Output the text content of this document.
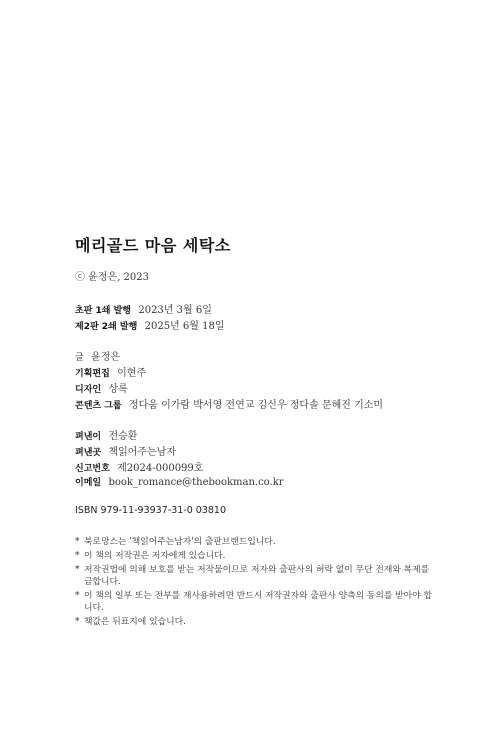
메리골드 마음 세탁소
ⓒ 윤정은, 2023
초판 1쇄 발행 2023년 3월 6일
제2판 2쇄 발행 2025년 6월 18일
글 윤정은
기획편집 이현주
디자인 상록
콘텐츠 그룹 정다움 이가람 박서영 전연교 김신우 정다솔 문혜진 기소미
펴낸이 전승환
펴낸곳 책읽어주는남자
신고번호 제2024-000099호
이메일 book_romance@thebookman.co.kr
ISBN 979-11-93937-31-0 03810
* 북로망스는 '책읽어주는남자'의 출판브랜드입니다.
* 이 책의 저작권은 저자에게 있습니다.
* 저작권법에 의해 보호를 받는 저작물이므로 저자와 출판사의 허락 없이 무단 전재와 복제를 금합니다.
* 이 책의 일부 또는 전부를 재사용하려면 반드시 저작권자와 출판사 양측의 동의를 받아야 합니다.
* 책값은 뒤표지에 있습니다.
